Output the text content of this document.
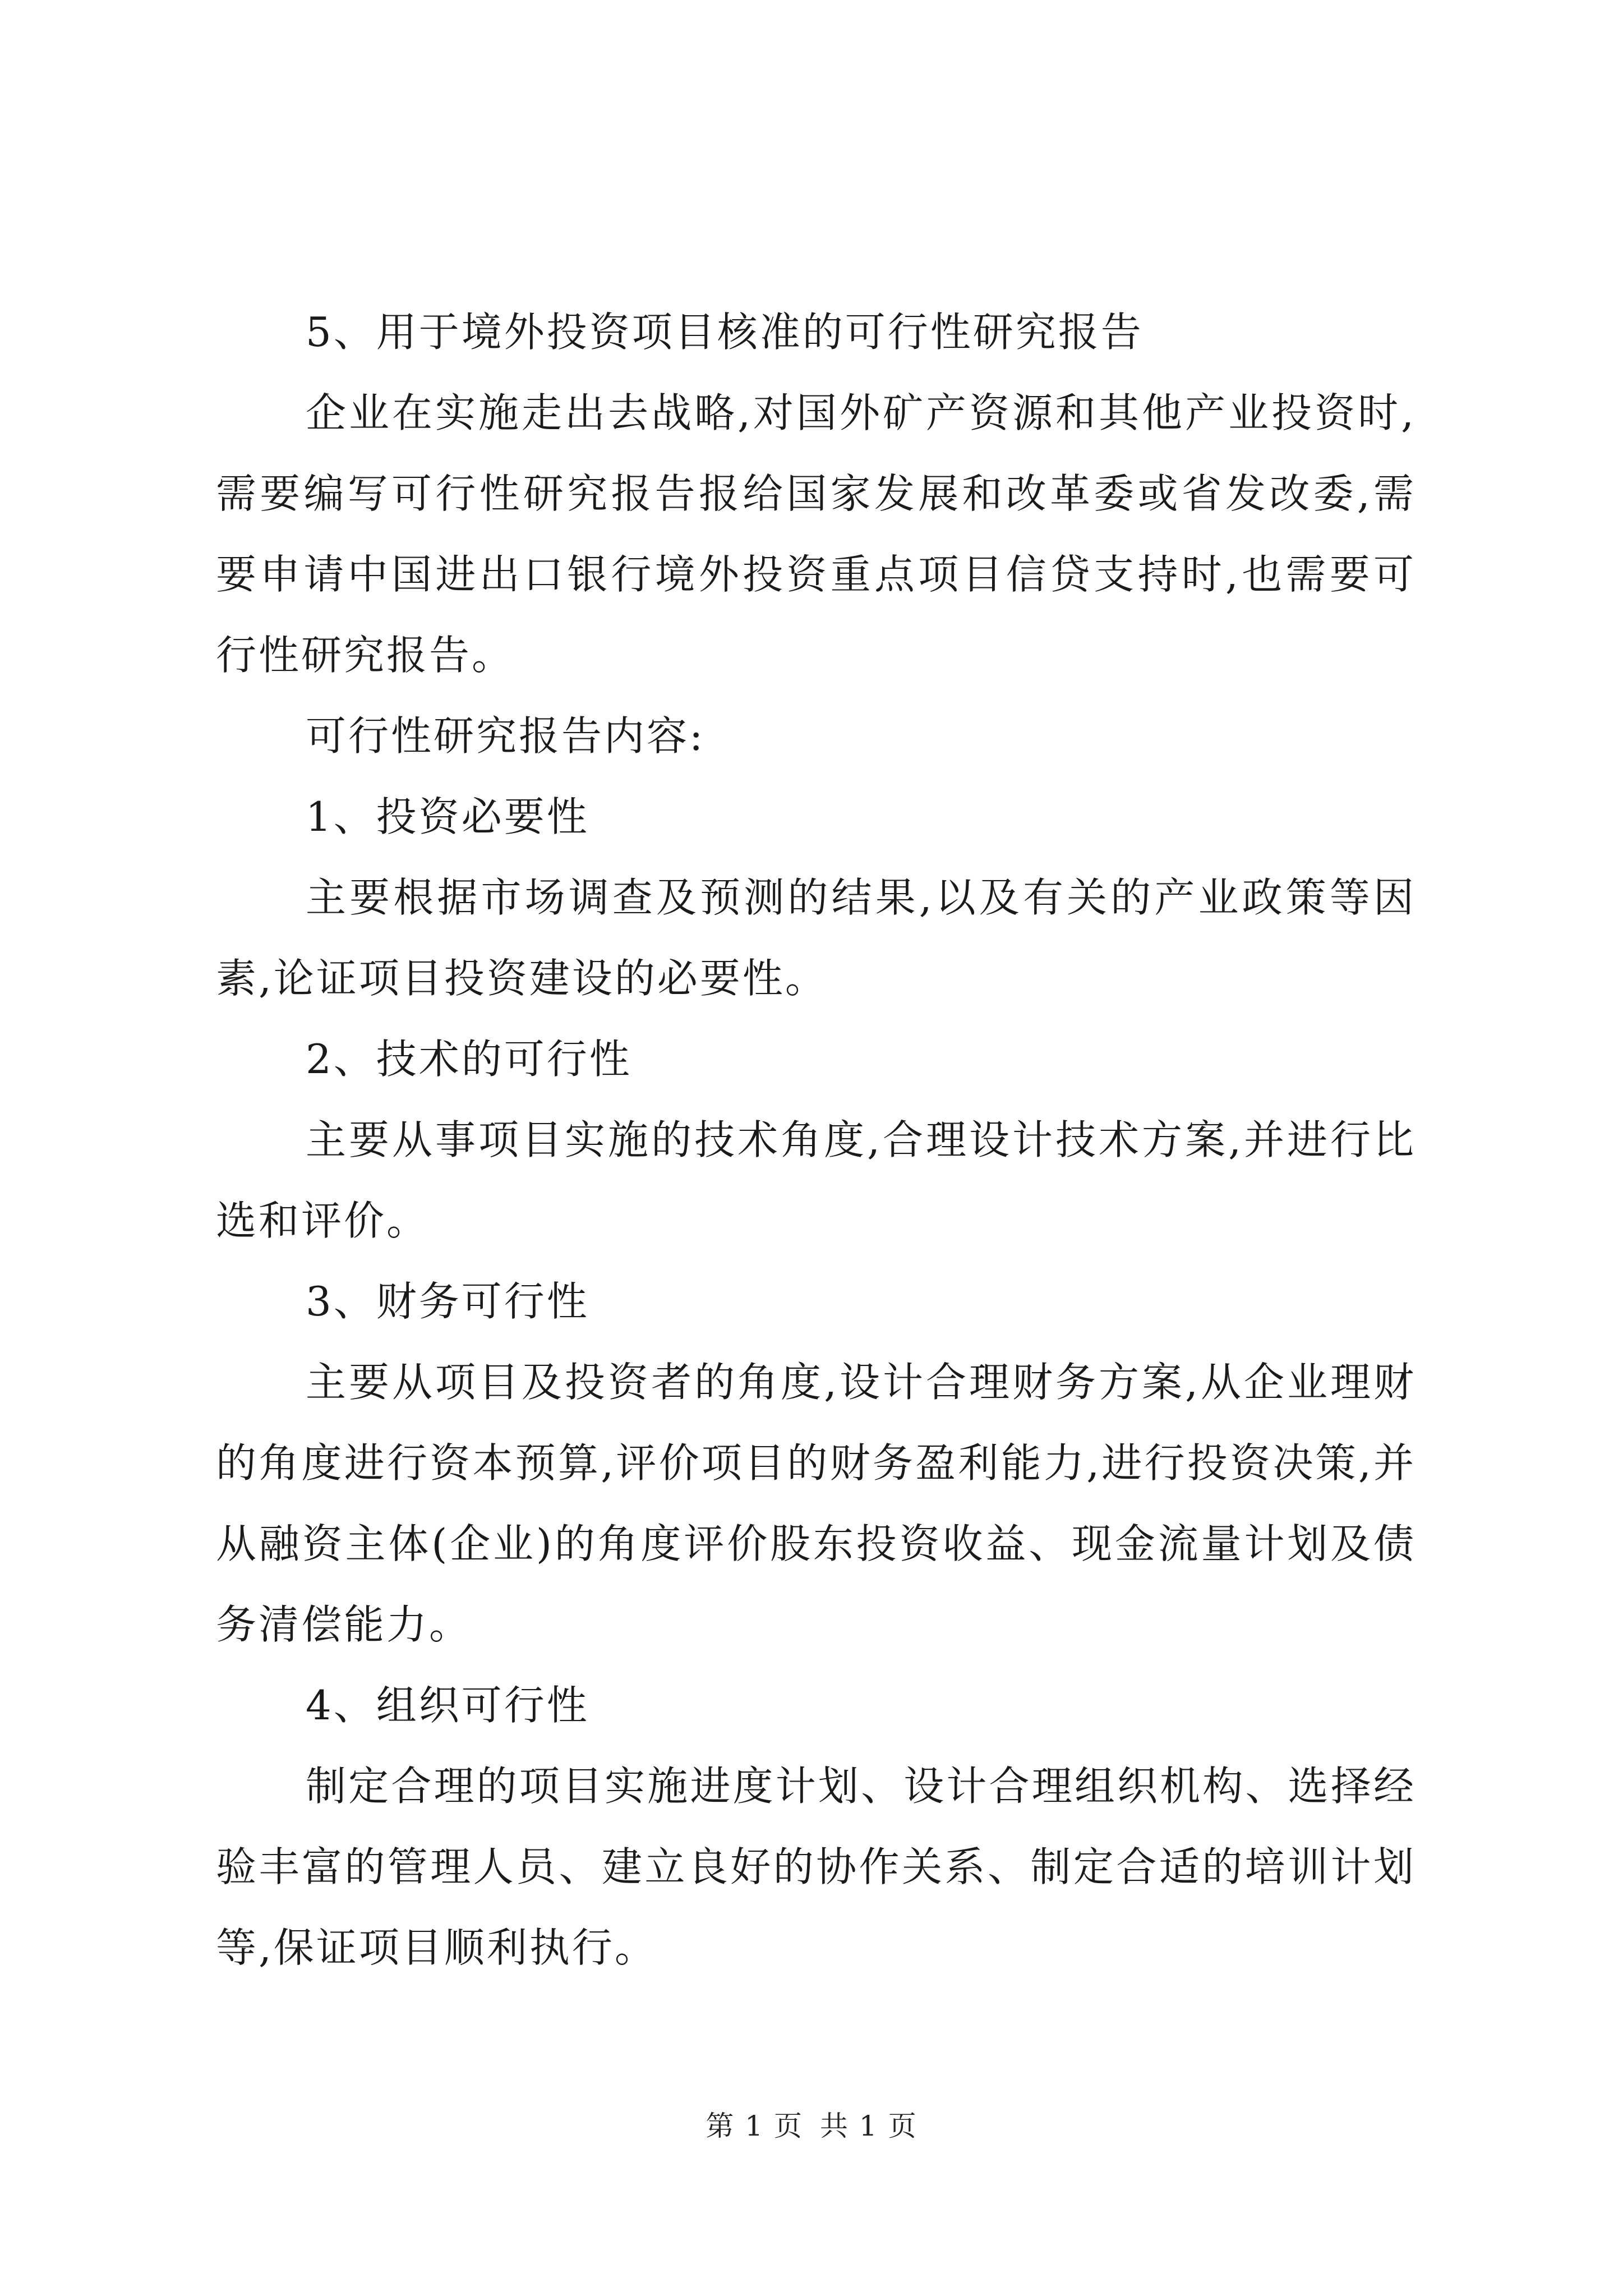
5、用于境外投资项目核准的可行性研究报告

企业在实施走出去战略,对国外矿产资源和其他产业投资时,需要编写可行性研究报告报给国家发展和改革委或省发改委,需要申请中国进出口银行境外投资重点项目信贷支持时,也需要可行性研究报告。

可行性研究报告内容:

1、投资必要性

主要根据市场调查及预测的结果,以及有关的产业政策等因素,论证项目投资建设的必要性。

2、技术的可行性

主要从事项目实施的技术角度,合理设计技术方案,并进行比选和评价。

3、财务可行性

主要从项目及投资者的角度,设计合理财务方案,从企业理财的角度进行资本预算,评价项目的财务盈利能力,进行投资决策,并从融资主体(企业)的角度评价股东投资收益、现金流量计划及债务清偿能力。

4、组织可行性

制定合理的项目实施进度计划、设计合理组织机构、选择经验丰富的管理人员、建立良好的协作关系、制定合适的培训计划等,保证项目顺利执行。

第 1 页 共 1 页
